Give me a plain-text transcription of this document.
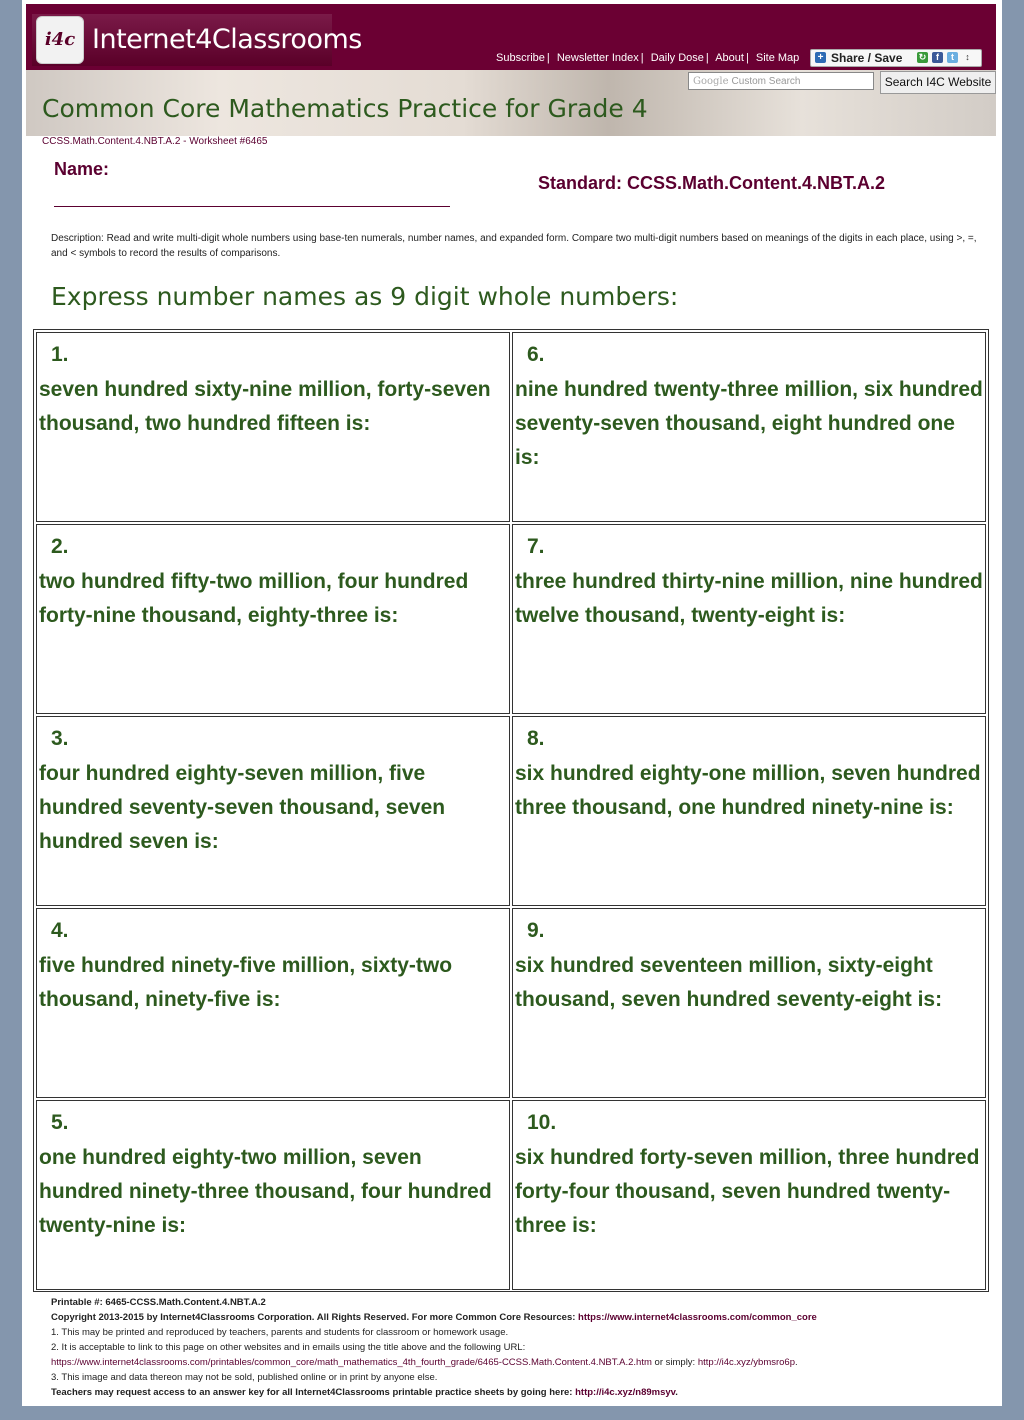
i4c Internet4Classrooms
Subscribe | Newsletter Index | Daily Dose | About | Site Map + Share / Save ↻	f	t	↕
Common Core Mathematics Practice for Grade 4
Google Custom Search	Search I4C Website
CCSS.Math.Content.4.NBT.A.2 - Worksheet #6465
Name:
Standard: CCSS.Math.Content.4.NBT.A.2
Description: Read and write multi-digit whole numbers using base-ten numerals, number names, and expanded form. Compare two multi-digit numbers based on meanings of the digits in each place, using >, =, and < symbols to record the results of comparisons.
Express number names as 9 digit whole numbers:
1.
seven hundred sixty-nine million, forty-seven thousand, two hundred fifteen is:
6.
nine hundred twenty-three million, six hundred seventy-seven thousand, eight hundred one is:
2.
two hundred fifty-two million, four hundred forty-nine thousand, eighty-three is:
7.
three hundred thirty-nine million, nine hundred twelve thousand, twenty-eight is:
3.
four hundred eighty-seven million, five hundred seventy-seven thousand, seven hundred seven is:
8.
six hundred eighty-one million, seven hundred three thousand, one hundred ninety-nine is:
4.
five hundred ninety-five million, sixty-two thousand, ninety-five is:
9.
six hundred seventeen million, sixty-eight thousand, seven hundred seventy-eight is:
5.
one hundred eighty-two million, seven hundred ninety-three thousand, four hundred twenty-nine is:
10.
six hundred forty-seven million, three hundred forty-four thousand, seven hundred twenty-three is:
Printable #: 6465-CCSS.Math.Content.4.NBT.A.2
Copyright 2013-2015 by Internet4Classrooms Corporation. All Rights Reserved. For more Common Core Resources: https://www.internet4classrooms.com/common_core
1. This may be printed and reproduced by teachers, parents and students for classroom or homework usage.
2. It is acceptable to link to this page on other websites and in emails using the title above and the following URL:
https://www.internet4classrooms.com/printables/common_core/math_mathematics_4th_fourth_grade/6465-CCSS.Math.Content.4.NBT.A.2.htm or simply: http://i4c.xyz/ybmsro6p.
3. This image and data thereon may not be sold, published online or in print by anyone else.
Teachers may request access to an answer key for all Internet4Classrooms printable practice sheets by going here: http://i4c.xyz/n89msyv.
